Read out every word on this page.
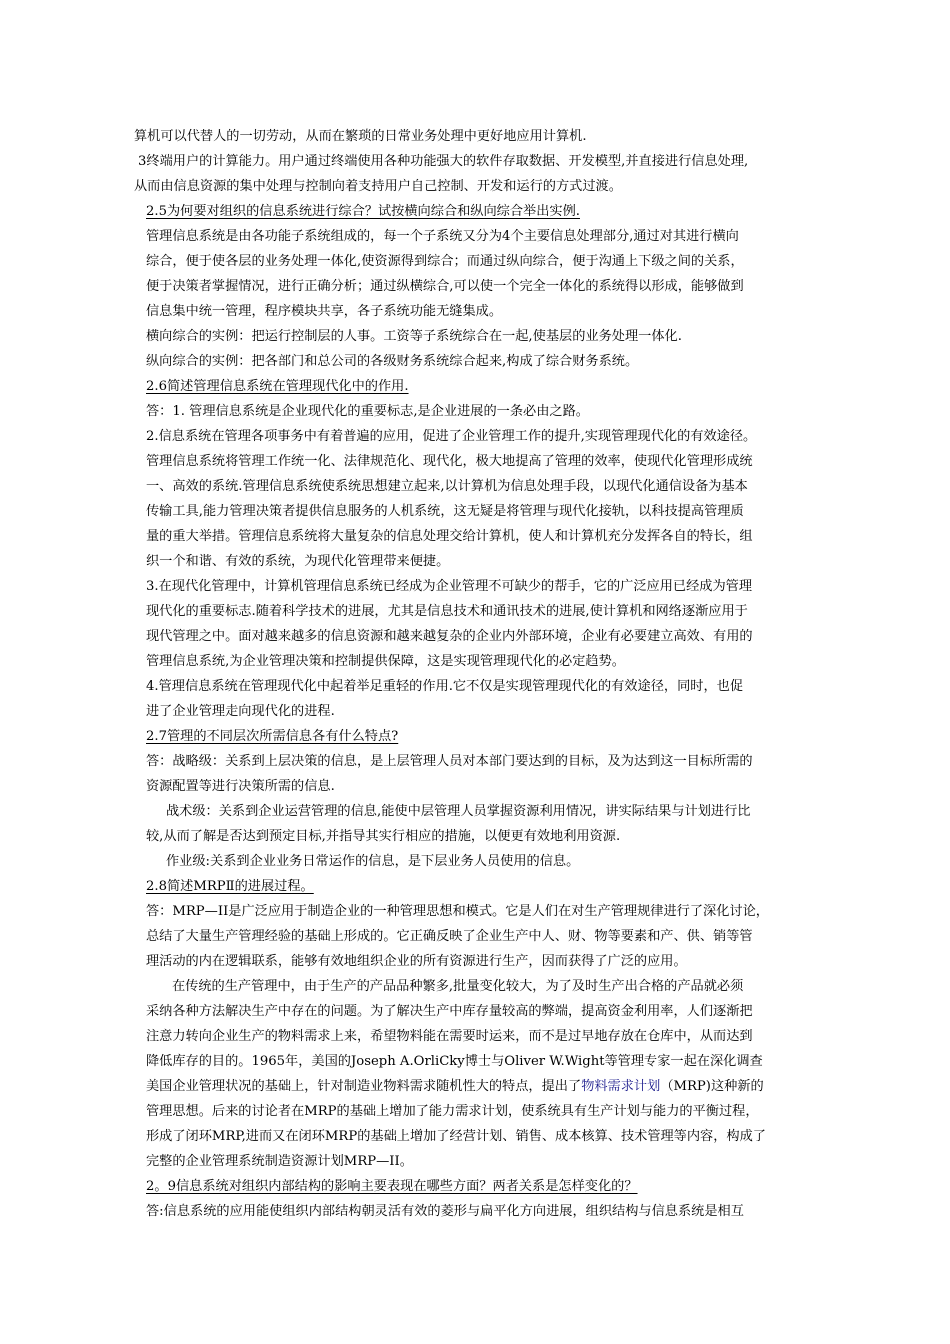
算机可以代替人的一切劳动，从而在繁琐的日常业务处理中更好地应用计算机.
3终端用户的计算能力。用户通过终端使用各种功能强大的软件存取数据、开发模型,并直接进行信息处理,
从而由信息资源的集中处理与控制向着支持用户自己控制、开发和运行的方式过渡。
2.5为何要对组织的信息系统进行综合？试按横向综合和纵向综合举出实例.
管理信息系统是由各功能子系统组成的，每一个子系统又分为4个主要信息处理部分,通过对其进行横向
综合，便于使各层的业务处理一体化,使资源得到综合；而通过纵向综合，便于沟通上下级之间的关系，
便于决策者掌握情况，进行正确分析；通过纵横综合,可以使一个完全一体化的系统得以形成，能够做到
信息集中统一管理，程序模块共享，各子系统功能无缝集成。
横向综合的实例：把运行控制层的人事。工资等子系统综合在一起,使基层的业务处理一体化.
纵向综合的实例：把各部门和总公司的各级财务系统综合起来,构成了综合财务系统。
2.6简述管理信息系统在管理现代化中的作用.
答：1. 管理信息系统是企业现代化的重要标志,是企业进展的一条必由之路。
2.信息系统在管理各项事务中有着普遍的应用，促进了企业管理工作的提升,实现管理现代化的有效途径。
管理信息系统将管理工作统一化、法律规范化、现代化，极大地提高了管理的效率，使现代化管理形成统
一、高效的系统.管理信息系统使系统思想建立起来,以计算机为信息处理手段，以现代化通信设备为基本
传输工具,能力管理决策者提供信息服务的人机系统，这无疑是将管理与现代化接轨，以科技提高管理质
量的重大举措。管理信息系统将大量复杂的信息处理交给计算机，使人和计算机充分发挥各自的特长，组
织一个和谐、有效的系统，为现代化管理带来便捷。
3.在现代化管理中，计算机管理信息系统已经成为企业管理不可缺少的帮手，它的广泛应用已经成为管理
现代化的重要标志.随着科学技术的进展，尤其是信息技术和通讯技术的进展,使计算机和网络逐渐应用于
现代管理之中。面对越来越多的信息资源和越来越复杂的企业内外部环境，企业有必要建立高效、有用的
管理信息系统,为企业管理决策和控制提供保障，这是实现管理现代化的必定趋势。
4.管理信息系统在管理现代化中起着举足重轻的作用.它不仅是实现管理现代化的有效途径，同时，也促
进了企业管理走向现代化的进程.
2.7管理的不同层次所需信息各有什么特点?
答：战略级：关系到上层决策的信息，是上层管理人员对本部门要达到的目标，及为达到这一目标所需的
资源配置等进行决策所需的信息.
战术级：关系到企业运营管理的信息,能使中层管理人员掌握资源利用情况，讲实际结果与计划进行比
较,从而了解是否达到预定目标,并指导其实行相应的措施，以便更有效地利用资源.
作业级:关系到企业业务日常运作的信息，是下层业务人员使用的信息。
2.8简述MRPⅡ的进展过程。
答：MRP—II是广泛应用于制造企业的一种管理思想和模式。它是人们在对生产管理规律进行了深化讨论，
总结了大量生产管理经验的基础上形成的。它正确反映了企业生产中人、财、物等要素和产、供、销等管
理活动的内在逻辑联系，能够有效地组织企业的所有资源进行生产，因而获得了广泛的应用。
在传统的生产管理中，由于生产的产品品种繁多,批量变化较大，为了及时生产出合格的产品就必须
采纳各种方法解决生产中存在的问题。为了解决生产中库存量较高的弊端，提高资金利用率，人们逐渐把
注意力转向企业生产的物料需求上来，希望物料能在需要时运来，而不是过早地存放在仓库中，从而达到
降低库存的目的。1965年，美国的Joseph A.OrliCky博士与Oliver W.Wight等管理专家一起在深化调查
美国企业管理状况的基础上，针对制造业物料需求随机性大的特点，提出了物料需求计划（MRP)这种新的
管理思想。后来的讨论者在MRP的基础上增加了能力需求计划，使系统具有生产计划与能力的平衡过程，
形成了闭环MRP,进而又在闭环MRP的基础上增加了经营计划、销售、成本核算、技术管理等内容，构成了
完整的企业管理系统制造资源计划MRP—II。
2。9信息系统对组织内部结构的影响主要表现在哪些方面？两者关系是怎样变化的？
答:信息系统的应用能使组织内部结构朝灵活有效的菱形与扁平化方向进展，组织结构与信息系统是相互
